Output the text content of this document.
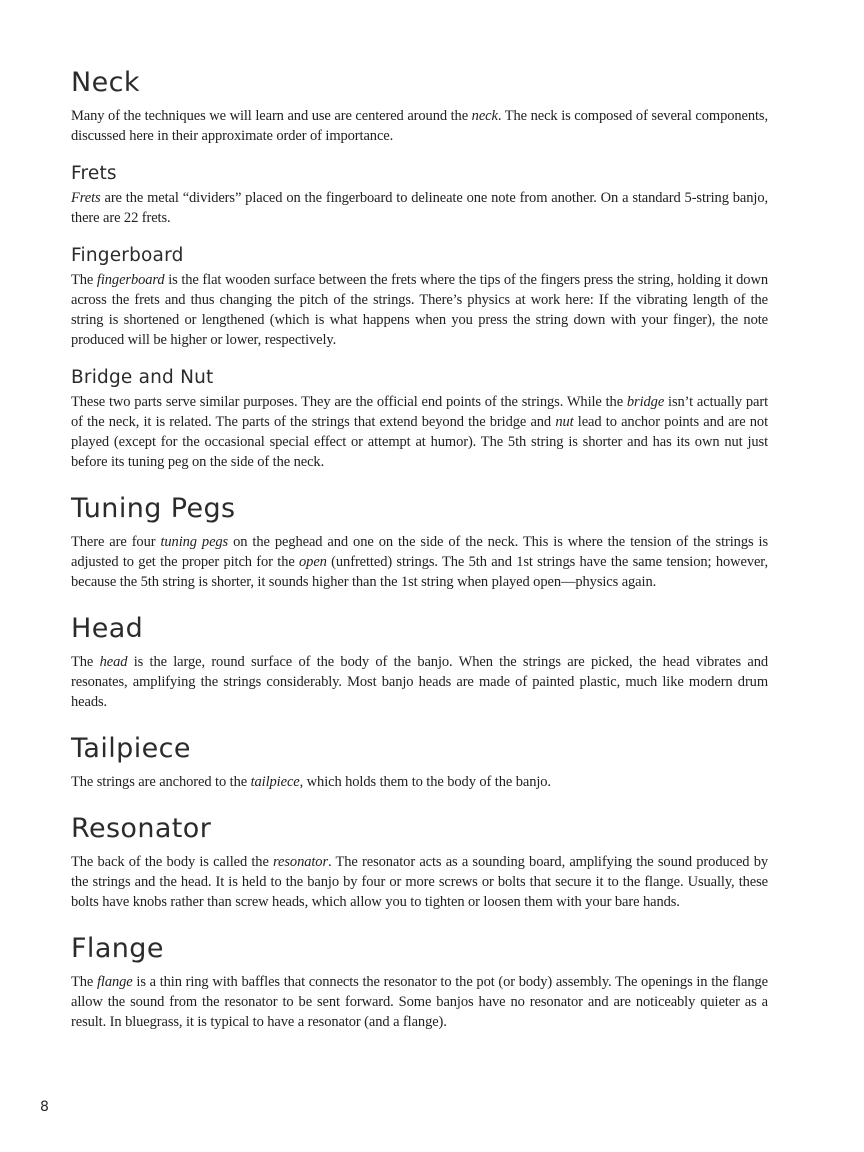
Neck

Many of the techniques we will learn and use are centered around the neck. The neck is composed of several components, discussed here in their approximate order of importance.

Frets

Frets are the metal “dividers” placed on the fingerboard to delineate one note from another. On a standard 5-string banjo, there are 22 frets.

Fingerboard

The fingerboard is the flat wooden surface between the frets where the tips of the fingers press the string, holding it down across the frets and thus changing the pitch of the strings. There’s physics at work here: If the vibrating length of the string is shortened or lengthened (which is what happens when you press the string down with your finger), the note produced will be higher or lower, respectively.

Bridge and Nut

These two parts serve similar purposes. They are the official end points of the strings. While the bridge isn’t actually part of the neck, it is related. The parts of the strings that extend beyond the bridge and nut lead to anchor points and are not played (except for the occasional special effect or attempt at humor). The 5th string is shorter and has its own nut just before its tuning peg on the side of the neck.

Tuning Pegs

There are four tuning pegs on the peghead and one on the side of the neck. This is where the tension of the strings is adjusted to get the proper pitch for the open (unfretted) strings. The 5th and 1st strings have the same tension; however, because the 5th string is shorter, it sounds higher than the 1st string when played open—physics again.

Head

The head is the large, round surface of the body of the banjo. When the strings are picked, the head vibrates and resonates, amplifying the strings considerably. Most banjo heads are made of painted plastic, much like modern drum heads.

Tailpiece

The strings are anchored to the tailpiece, which holds them to the body of the banjo.

Resonator

The back of the body is called the resonator. The resonator acts as a sounding board, amplifying the sound produced by the strings and the head. It is held to the banjo by four or more screws or bolts that secure it to the flange. Usually, these bolts have knobs rather than screw heads, which allow you to tighten or loosen them with your bare hands.

Flange

The flange is a thin ring with baffles that connects the resonator to the pot (or body) assembly. The openings in the flange allow the sound from the resonator to be sent forward. Some banjos have no resonator and are noticeably quieter as a result. In bluegrass, it is typical to have a resonator (and a flange).

8
